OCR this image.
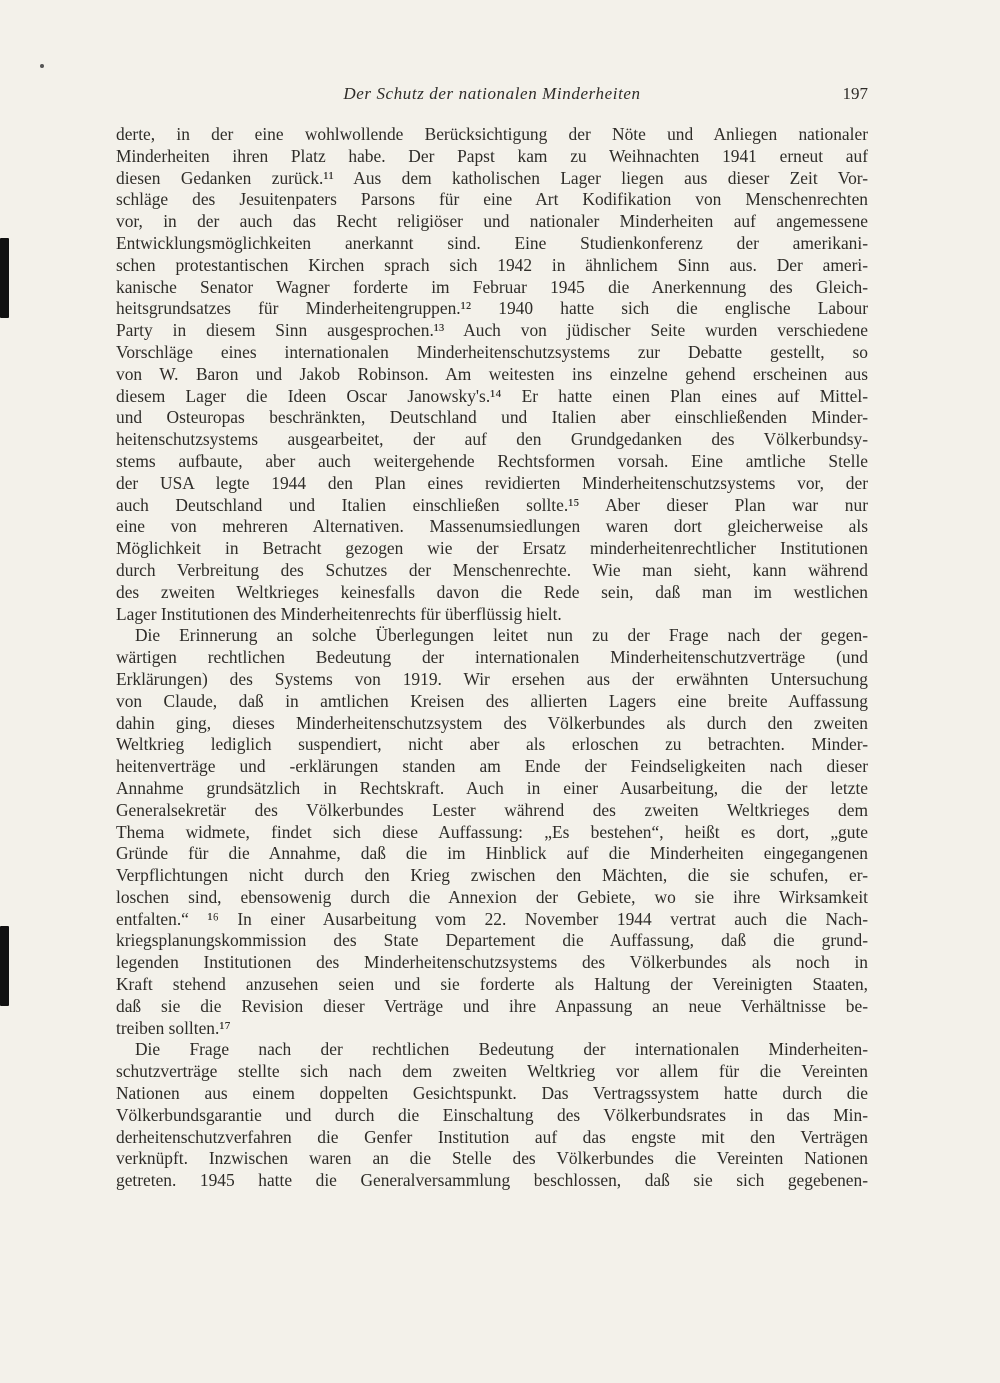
Der Schutz der nationalen Minderheiten	197
derte, in der eine wohlwollende Berücksichtigung der Nöte und Anliegen nationaler
Minderheiten ihren Platz habe. Der Papst kam zu Weihnachten 1941 erneut auf
diesen Gedanken zurück.¹¹ Aus dem katholischen Lager liegen aus dieser Zeit Vor-
schläge des Jesuitenpaters Parsons für eine Art Kodifikation von Menschenrechten
vor, in der auch das Recht religiöser und nationaler Minderheiten auf angemessene
Entwicklungsmöglichkeiten anerkannt sind. Eine Studienkonferenz der amerikani-
schen protestantischen Kirchen sprach sich 1942 in ähnlichem Sinn aus. Der ameri-
kanische Senator Wagner forderte im Februar 1945 die Anerkennung des Gleich-
heitsgrundsatzes für Minderheitengruppen.¹² 1940 hatte sich die englische Labour
Party in diesem Sinn ausgesprochen.¹³ Auch von jüdischer Seite wurden verschiedene
Vorschläge eines internationalen Minderheitenschutzsystems zur Debatte gestellt, so
von W. Baron und Jakob Robinson. Am weitesten ins einzelne gehend erscheinen aus
diesem Lager die Ideen Oscar Janowsky's.¹⁴ Er hatte einen Plan eines auf Mittel-
und Osteuropas beschränkten, Deutschland und Italien aber einschließenden Minder-
heitenschutzsystems ausgearbeitet, der auf den Grundgedanken des Völkerbundsy-
stems aufbaute, aber auch weitergehende Rechtsformen vorsah. Eine amtliche Stelle
der USA legte 1944 den Plan eines revidierten Minderheitenschutzsystems vor, der
auch Deutschland und Italien einschließen sollte.¹⁵ Aber dieser Plan war nur
eine von mehreren Alternativen. Massenumsiedlungen waren dort gleicherweise als
Möglichkeit in Betracht gezogen wie der Ersatz minderheitenrechtlicher Institutionen
durch Verbreitung des Schutzes der Menschenrechte. Wie man sieht, kann während
des zweiten Weltkrieges keinesfalls davon die Rede sein, daß man im westlichen
Lager Institutionen des Minderheitenrechts für überflüssig hielt.
Die Erinnerung an solche Überlegungen leitet nun zu der Frage nach der gegen-
wärtigen rechtlichen Bedeutung der internationalen Minderheitenschutzverträge (und
Erklärungen) des Systems von 1919. Wir ersehen aus der erwähnten Untersuchung
von Claude, daß in amtlichen Kreisen des allierten Lagers eine breite Auffassung
dahin ging, dieses Minderheitenschutzsystem des Völkerbundes als durch den zweiten
Weltkrieg lediglich suspendiert, nicht aber als erloschen zu betrachten. Minder-
heitenverträge und -erklärungen standen am Ende der Feindseligkeiten nach dieser
Annahme grundsätzlich in Rechtskraft. Auch in einer Ausarbeitung, die der letzte
Generalsekretär des Völkerbundes Lester während des zweiten Weltkrieges dem
Thema widmete, findet sich diese Auffassung: „Es bestehen“, heißt es dort, „gute
Gründe für die Annahme, daß die im Hinblick auf die Minderheiten eingegangenen
Verpflichtungen nicht durch den Krieg zwischen den Mächten, die sie schufen, er-
loschen sind, ebensowenig durch die Annexion der Gebiete, wo sie ihre Wirksamkeit
entfalten.“ ¹⁶ In einer Ausarbeitung vom 22. November 1944 vertrat auch die Nach-
kriegsplanungskommission des State Departement die Auffassung, daß die grund-
legenden Institutionen des Minderheitenschutzsystems des Völkerbundes als noch in
Kraft stehend anzusehen seien und sie forderte als Haltung der Vereinigten Staaten,
daß sie die Revision dieser Verträge und ihre Anpassung an neue Verhältnisse be-
treiben sollten.¹⁷
Die Frage nach der rechtlichen Bedeutung der internationalen Minderheiten-
schutzverträge stellte sich nach dem zweiten Weltkrieg vor allem für die Vereinten
Nationen aus einem doppelten Gesichtspunkt. Das Vertragssystem hatte durch die
Völkerbundsgarantie und durch die Einschaltung des Völkerbundsrates in das Min-
derheitenschutzverfahren die Genfer Institution auf das engste mit den Verträgen
verknüpft. Inzwischen waren an die Stelle des Völkerbundes die Vereinten Nationen
getreten. 1945 hatte die Generalversammlung beschlossen, daß sie sich gegebenen-
